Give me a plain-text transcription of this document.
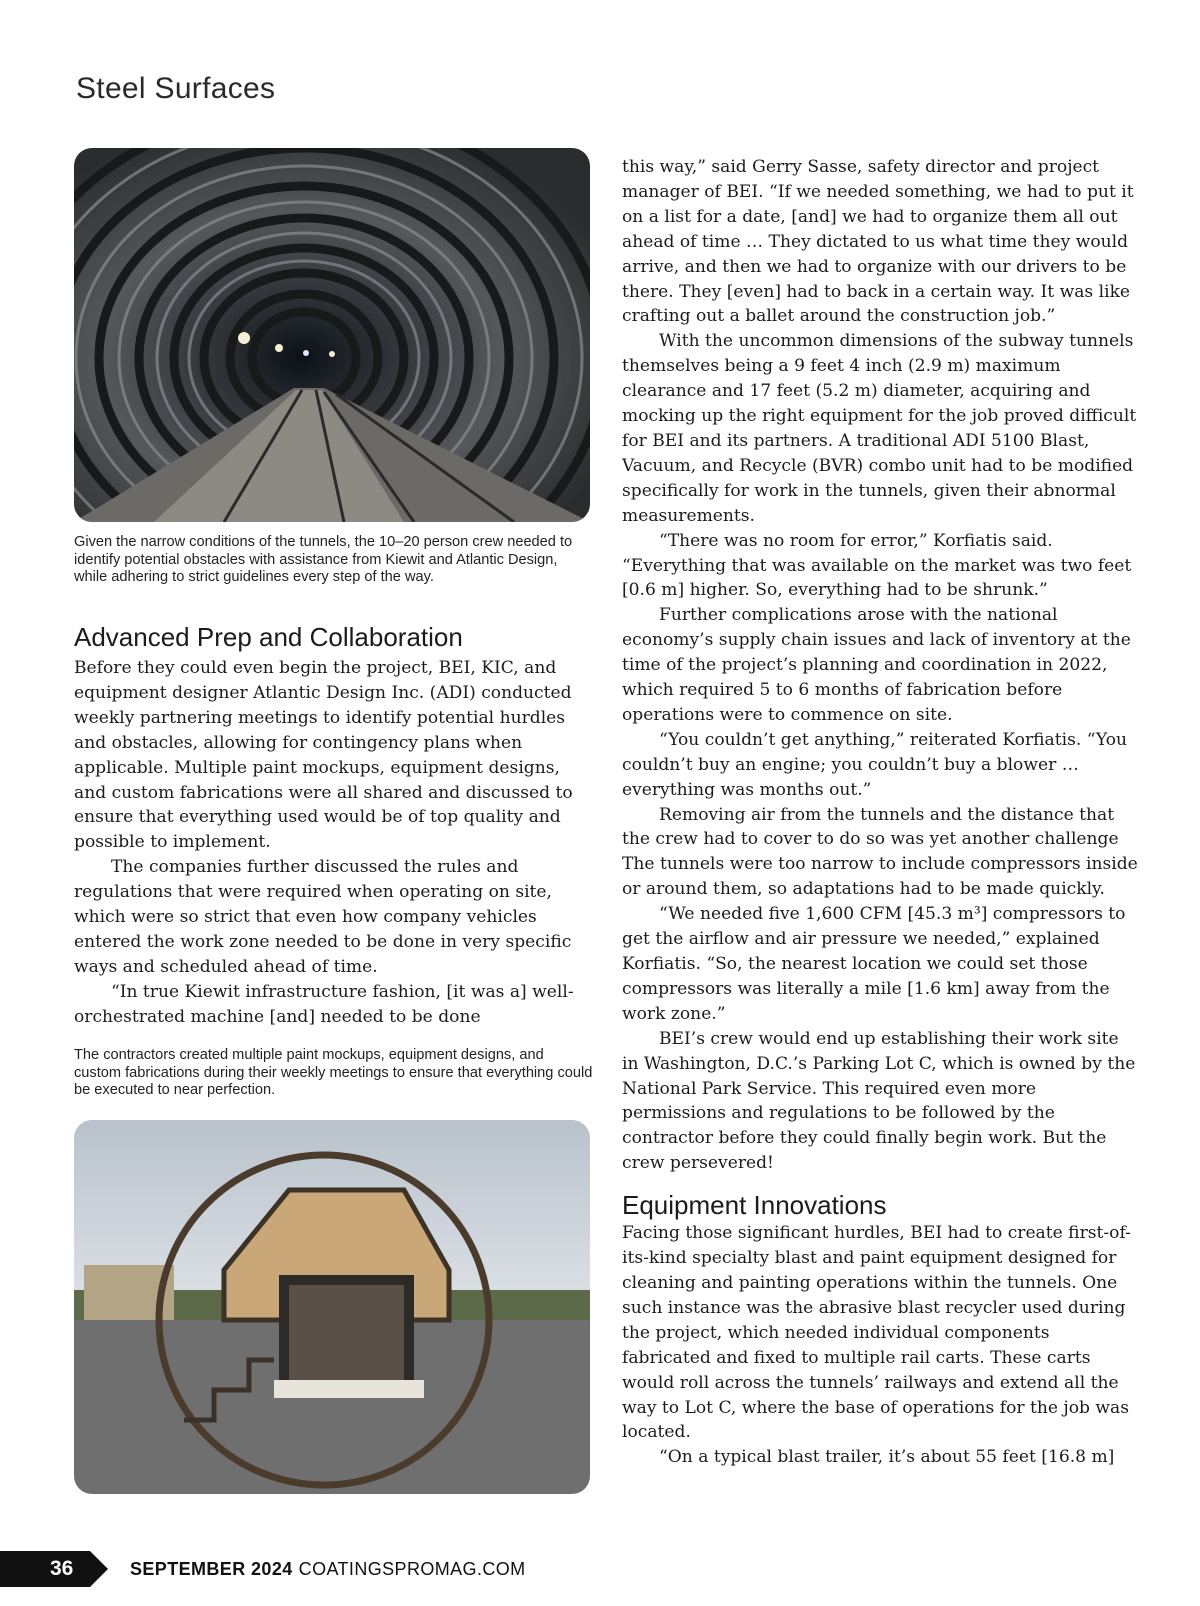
Steel Surfaces
Given the narrow conditions of the tunnels, the 10–20 person crew needed to identify potential obstacles with assistance from Kiewit and Atlantic Design, while adhering to strict guidelines every step of the way.
Advanced Prep and Collaboration

Before they could even begin the project, BEI, KIC, and equipment designer Atlantic Design Inc. (ADI) conducted weekly partnering meetings to identify potential hurdles and obstacles, allowing for contingency plans when applicable. Multiple paint mockups, equipment designs, and custom fabrications were all shared and discussed to ensure that everything used would be of top quality and possible to implement.

The companies further discussed the rules and regulations that were required when operating on site, which were so strict that even how company vehicles entered the work zone needed to be done in very specific ways and scheduled ahead of time.

“In true Kiewit infrastructure fashion, [it was a] well-orchestrated machine [and] needed to be done

The contractors created multiple paint mockups, equipment designs, and custom fabrications during their weekly meetings to ensure that everything could be executed to near perfection.

this way,” said Gerry Sasse, safety director and project manager of BEI. “If we needed something, we had to put it on a list for a date, [and] we had to organize them all out ahead of time … They dictated to us what time they would arrive, and then we had to organize with our drivers to be there. They [even] had to back in a certain way. It was like crafting out a ballet around the construction job.”

With the uncommon dimensions of the subway tunnels themselves being a 9 feet 4 inch (2.9 m) maximum clearance and 17 feet (5.2 m) diameter, acquiring and mocking up the right equipment for the job proved difficult for BEI and its partners. A traditional ADI 5100 Blast, Vacuum, and Recycle (BVR) combo unit had to be modified specifically for work in the tunnels, given their abnormal measurements.

“There was no room for error,” Korfiatis said. “Everything that was available on the market was two feet [0.6 m] higher. So, everything had to be shrunk.”

Further complications arose with the national economy’s supply chain issues and lack of inventory at the time of the project’s planning and coordination in 2022, which required 5 to 6 months of fabrication before operations were to commence on site.

“You couldn’t get anything,” reiterated Korfiatis. “You couldn’t buy an engine; you couldn’t buy a blower … everything was months out.”

Removing air from the tunnels and the distance that the crew had to cover to do so was yet another challenge The tunnels were too narrow to include compressors inside or around them, so adaptations had to be made quickly.

“We needed five 1,600 CFM [45.3 m³] compressors to get the airflow and air pressure we needed,” explained Korfiatis. “So, the nearest location we could set those compressors was literally a mile [1.6 km] away from the work zone.”

BEI’s crew would end up establishing their work site in Washington, D.C.’s Parking Lot C, which is owned by the National Park Service. This required even more permissions and regulations to be followed by the contractor before they could finally begin work. But the crew persevered!

Equipment Innovations

Facing those significant hurdles, BEI had to create first-of-its-kind specialty blast and paint equipment designed for cleaning and painting operations within the tunnels. One such instance was the abrasive blast recycler used during the project, which needed individual components fabricated and fixed to multiple rail carts. These carts would roll across the tunnels’ railways and extend all the way to Lot C, where the base of operations for the job was located.

“On a typical blast trailer, it’s about 55 feet [16.8 m]

36	SEPTEMBER 2024 COATINGSPROMAG.COM
